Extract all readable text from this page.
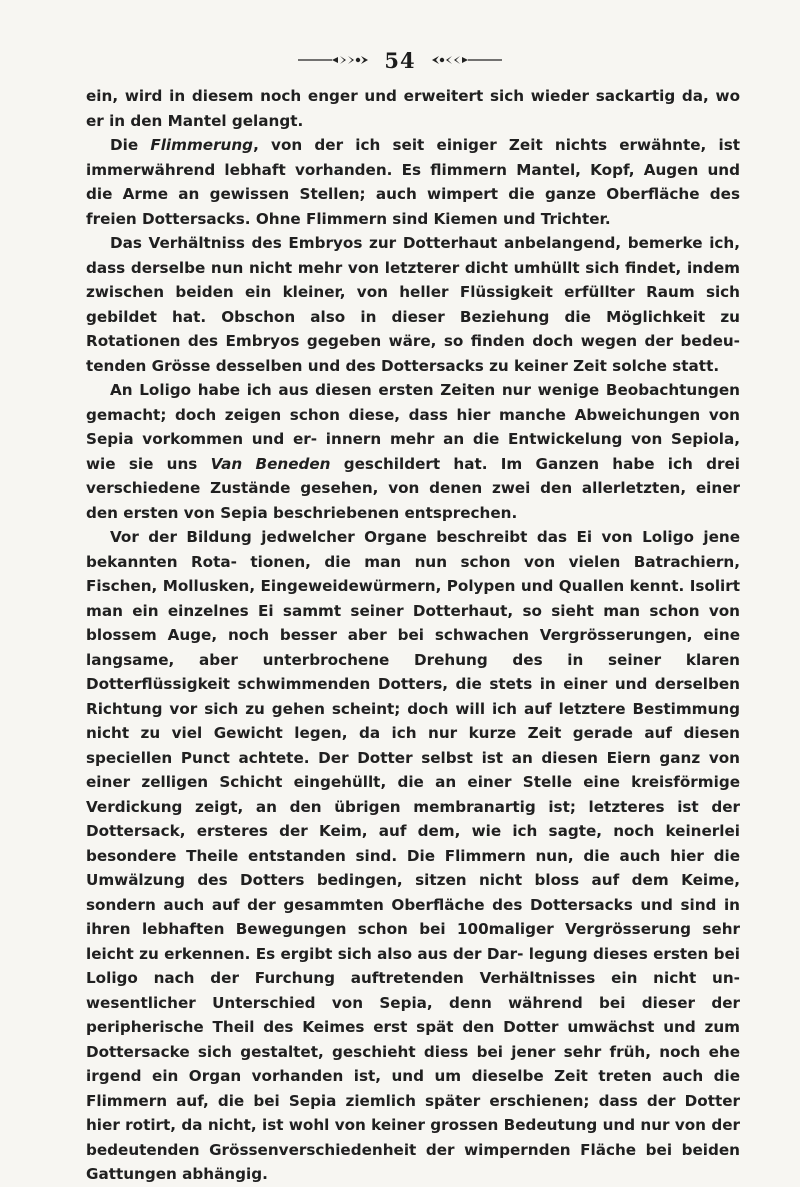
54

ein, wird in diesem noch enger und erweitert sich wieder sackartig da, wo er in den Mantel gelangt.

Die Flimmerung, von der ich seit einiger Zeit nichts erwähnte, ist immerwährend lebhaft vorhanden. Es flimmern Mantel, Kopf, Augen und die Arme an gewissen Stellen; auch wimpert die ganze Oberfläche des freien Dottersacks. Ohne Flimmern sind Kiemen und Trichter.

Das Verhältniss des Embryos zur Dotterhaut anbelangend, bemerke ich, dass derselbe nun nicht mehr von letzterer dicht umhüllt sich findet, indem zwischen beiden ein kleiner, von heller Flüssigkeit erfüllter Raum sich gebildet hat. Obschon also in dieser Beziehung die Möglichkeit zu Rotationen des Embryos gegeben wäre, so finden doch wegen der bedeu- tenden Grösse desselben und des Dottersacks zu keiner Zeit solche statt.

An Loligo habe ich aus diesen ersten Zeiten nur wenige Beobachtungen gemacht; doch zeigen schon diese, dass hier manche Abweichungen von Sepia vorkommen und er- innern mehr an die Entwickelung von Sepiola, wie sie uns Van Beneden geschildert hat. Im Ganzen habe ich drei verschiedene Zustände gesehen, von denen zwei den allerletzten, einer den ersten von Sepia beschriebenen entsprechen.

Vor der Bildung jedwelcher Organe beschreibt das Ei von Loligo jene bekannten Rota- tionen, die man nun schon von vielen Batrachiern, Fischen, Mollusken, Eingeweidewürmern, Polypen und Quallen kennt. Isolirt man ein einzelnes Ei sammt seiner Dotterhaut, so sieht man schon von blossem Auge, noch besser aber bei schwachen Vergrösserungen, eine langsame, aber unterbrochene Drehung des in seiner klaren Dotterflüssigkeit schwimmenden Dotters, die stets in einer und derselben Richtung vor sich zu gehen scheint; doch will ich auf letztere Bestimmung nicht zu viel Gewicht legen, da ich nur kurze Zeit gerade auf diesen speciellen Punct achtete. Der Dotter selbst ist an diesen Eiern ganz von einer zelligen Schicht eingehüllt, die an einer Stelle eine kreisförmige Verdickung zeigt, an den übrigen membranartig ist; letzteres ist der Dottersack, ersteres der Keim, auf dem, wie ich sagte, noch keinerlei besondere Theile entstanden sind. Die Flimmern nun, die auch hier die Umwälzung des Dotters bedingen, sitzen nicht bloss auf dem Keime, sondern auch auf der gesammten Oberfläche des Dottersacks und sind in ihren lebhaften Bewegungen schon bei 100maliger Vergrösserung sehr leicht zu erkennen. Es ergibt sich also aus der Dar- legung dieses ersten bei Loligo nach der Furchung auftretenden Verhältnisses ein nicht un- wesentlicher Unterschied von Sepia, denn während bei dieser der peripherische Theil des Keimes erst spät den Dotter umwächst und zum Dottersacke sich gestaltet, geschieht diess bei jener sehr früh, noch ehe irgend ein Organ vorhanden ist, und um dieselbe Zeit treten auch die Flimmern auf, die bei Sepia ziemlich später erschienen; dass der Dotter hier rotirt, da nicht, ist wohl von keiner grossen Bedeutung und nur von der bedeutenden Grössenverschiedenheit der wimpernden Fläche bei beiden Gattungen abhängig.
